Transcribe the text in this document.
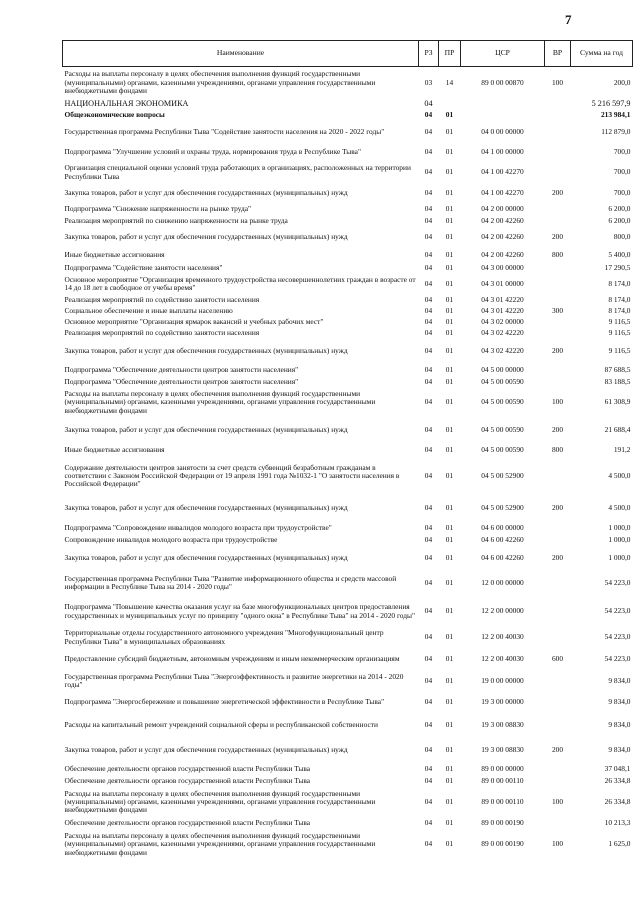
7
Наименование	РЗ	ПР	ЦСР	ВР	Сумма на год
Расходы на выплаты персоналу в целях обеспечения выполнения функций государственными (муниципальными) органами, казенными учреждениями, органами управления государственными внебюджетными фондами	03	14	89 0 00 00870	100	200,0
НАЦИОНАЛЬНАЯ ЭКОНОМИКА	04				5 216 597,9
Общеэкономические вопросы	04	01			213 984,1
Государственная программа Республики Тыва "Содействие занятости населения на 2020 - 2022 годы"	04	01	04 0 00 00000		112 879,0
Подпрограмма "Улучшение условий и охраны труда, нормирования труда в Республике Тыва"	04	01	04 1 00 00000		700,0
Организация специальной оценки условий труда работающих в организациях, расположенных на территории Республики Тыва	04	01	04 1 00 42270		700,0
Закупка товаров, работ и услуг для обеспечения государственных (муниципальных) нужд	04	01	04 1 00 42270	200	700,0
Подпрограмма "Снижение напряженности на рынке труда"	04	01	04 2 00 00000		6 200,0
Реализация мероприятий по снижению напряженности на рынке труда	04	01	04 2 00 42260		6 200,0
Закупка товаров, работ и услуг для обеспечения государственных (муниципальных) нужд	04	01	04 2 00 42260	200	800,0
Иные бюджетные ассигнования	04	01	04 2 00 42260	800	5 400,0
Подпрограмма "Содействие занятости населения"	04	01	04 3 00 00000		17 290,5
Основное мероприятие "Организация временного трудоустройства несовершеннолетних граждан в возрасте от 14 до 18 лет в свободное от учебы время"	04	01	04 3 01 00000		8 174,0
Реализация мероприятий по содействию занятости населения	04	01	04 3 01 42220		8 174,0
Социальное обеспечение и иные выплаты населению	04	01	04 3 01 42220	300	8 174,0
Основное мероприятие "Организация ярмарок вакансий и учебных рабочих мест"	04	01	04 3 02 00000		9 116,5
Реализация мероприятий по содействию занятости населения	04	01	04 3 02 42220		9 116,5
Закупка товаров, работ и услуг для обеспечения государственных (муниципальных) нужд	04	01	04 3 02 42220	200	9 116,5
Подпрограмма "Обеспечение деятельности центров занятости населения"	04	01	04 5 00 00000		87 688,5
Подпрограмма "Обеспечение деятельности центров занятости населения"	04	01	04 5 00 00590		83 188,5
Расходы на выплаты персоналу в целях обеспечения выполнения функций государственными (муниципальными) органами, казенными учреждениями, органами управления государственными внебюджетными фондами	04	01	04 5 00 00590	100	61 308,9
Закупка товаров, работ и услуг для обеспечения государственных (муниципальных) нужд	04	01	04 5 00 00590	200	21 688,4
Иные бюджетные ассигнования	04	01	04 5 00 00590	800	191,2
Содержание деятельности центров занятости за счет средств субвенций безработным гражданам в соответствии с Законом Российской Федерации от 19 апреля 1991 года №1032-1 "О занятости населения в Российской Федерации"	04	01	04 5 00 52900		4 500,0
Закупка товаров, работ и услуг для обеспечения государственных (муниципальных) нужд	04	01	04 5 00 52900	200	4 500,0
Подпрограмма "Сопровождение инвалидов молодого возраста при трудоустройстве"	04	01	04 6 00 00000		1 000,0
Сопровождение инвалидов молодого возраста при трудоустройстве	04	01	04 6 00 42260		1 000,0
Закупка товаров, работ и услуг для обеспечения государственных (муниципальных) нужд	04	01	04 6 00 42260	200	1 000,0
Государственная программа Республики Тыва "Развитие информационного общества и средств массовой информации в Республике Тыва на 2014 - 2020 годы"	04	01	12 0 00 00000		54 223,0
Подпрограмма "Повышение качества оказания услуг на базе многофункциональных центров предоставления государственных и муниципальных услуг по принципу "одного окна" в Республике Тыва" на 2014 - 2020 годы"	04	01	12 2 00 00000		54 223,0
Территориальные отделы государственного автономного учреждения "Многофункциональный центр Республики Тыва" в муниципальных образованиях	04	01	12 2 00 40030		54 223,0
Предоставление субсидий бюджетным, автономным учреждениям и иным некоммерческим организациям	04	01	12 2 00 40030	600	54 223,0
Государственная программа Республики Тыва "Энергоэффективность и развитие энергетики на 2014 - 2020 годы"	04	01	19 0 00 00000		9 834,0
Подпрограмма "Энергосбережение и повышение энергетической эффективности в Республике Тыва"	04	01	19 3 00 00000		9 834,0
Расходы на капитальный ремонт учреждений социальной сферы и республиканской собственности	04	01	19 3 00 08830		9 834,0
Закупка товаров, работ и услуг для обеспечения государственных (муниципальных) нужд	04	01	19 3 00 08830	200	9 834,0
Обеспечение деятельности органов государственной власти Республики Тыва	04	01	89 0 00 00000		37 048,1
Обеспечение деятельности органов государственной власти Республики Тыва	04	01	89 0 00 00110		26 334,8
Расходы на выплаты персоналу в целях обеспечения выполнения функций государственными (муниципальными) органами, казенными учреждениями, органами управления государственными внебюджетными фондами	04	01	89 0 00 00110	100	26 334,8
Обеспечение деятельности органов государственной власти Республики Тыва	04	01	89 0 00 00190		10 213,3
Расходы на выплаты персоналу в целях обеспечения выполнения функций государственными (муниципальными) органами, казенными учреждениями, органами управления государственными внебюджетными фондами	04	01	89 0 00 00190	100	1 625,0
